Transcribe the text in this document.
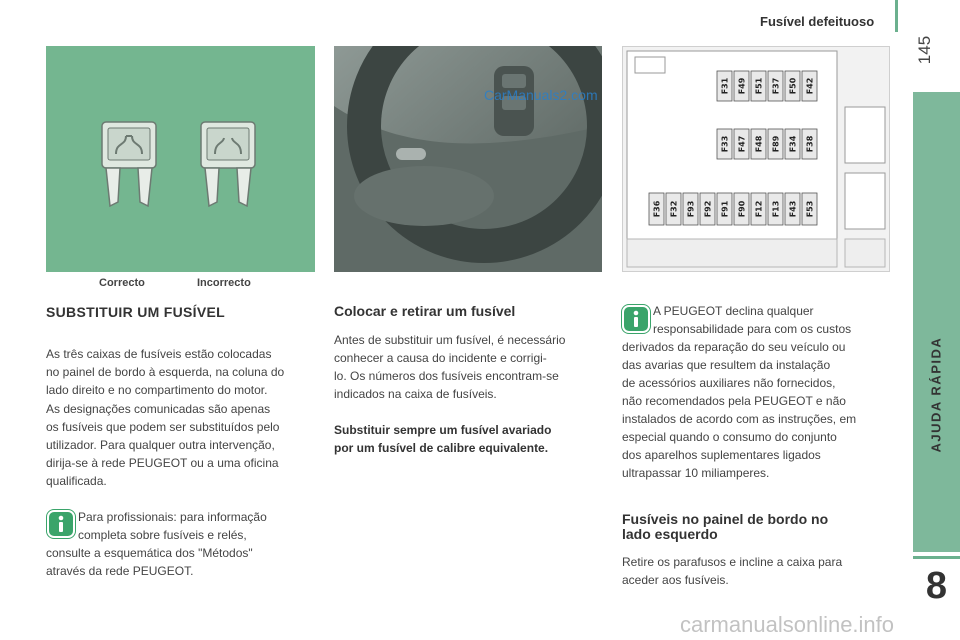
Fusível defeituoso
145
AJUDA RÁPIDA
8
Correcto	Incorrecto
F31 F49 F51 F37 F50 F42
F33 F47 F48 F89 F34 F38
F36 F32 F93 F92 F91 F90 F12 F13 F43 F53
SUBSTITUIR UM FUSÍVEL
As três caixas de fusíveis estão colocadas
no painel de bordo à esquerda, na coluna do
lado direito e no compartimento do motor.
As designações comunicadas são apenas
os fusíveis que podem ser substituídos pelo
utilizador. Para qualquer outra intervenção,
dirija-se à rede PEUGEOT ou a uma oficina
qualificada.
Para profissionais: para informação
completa sobre fusíveis e relés,
consulte a esquemática dos "Métodos"
através da rede PEUGEOT.
Colocar e retirar um fusível
Antes de substituir um fusível, é necessário
conhecer a causa do incidente e corrigi-
lo. Os números dos fusíveis encontram-se
indicados na caixa de fusíveis.
Substituir sempre um fusível avariado
por um fusível de calibre equivalente.
A PEUGEOT declina qualquer
responsabilidade para com os custos
derivados da reparação do seu veículo ou
das avarias que resultem da instalação
de acessórios auxiliares não fornecidos,
não recomendados pela PEUGEOT e não
instalados de acordo com as instruções, em
especial quando o consumo do conjunto
dos aparelhos suplementares ligados
ultrapassar 10 miliamperes.
Fusíveis no painel de bordo no
lado esquerdo
Retire os parafusos e incline a caixa para
aceder aos fusíveis.
CarManuals2.com
carmanualsonline.info
